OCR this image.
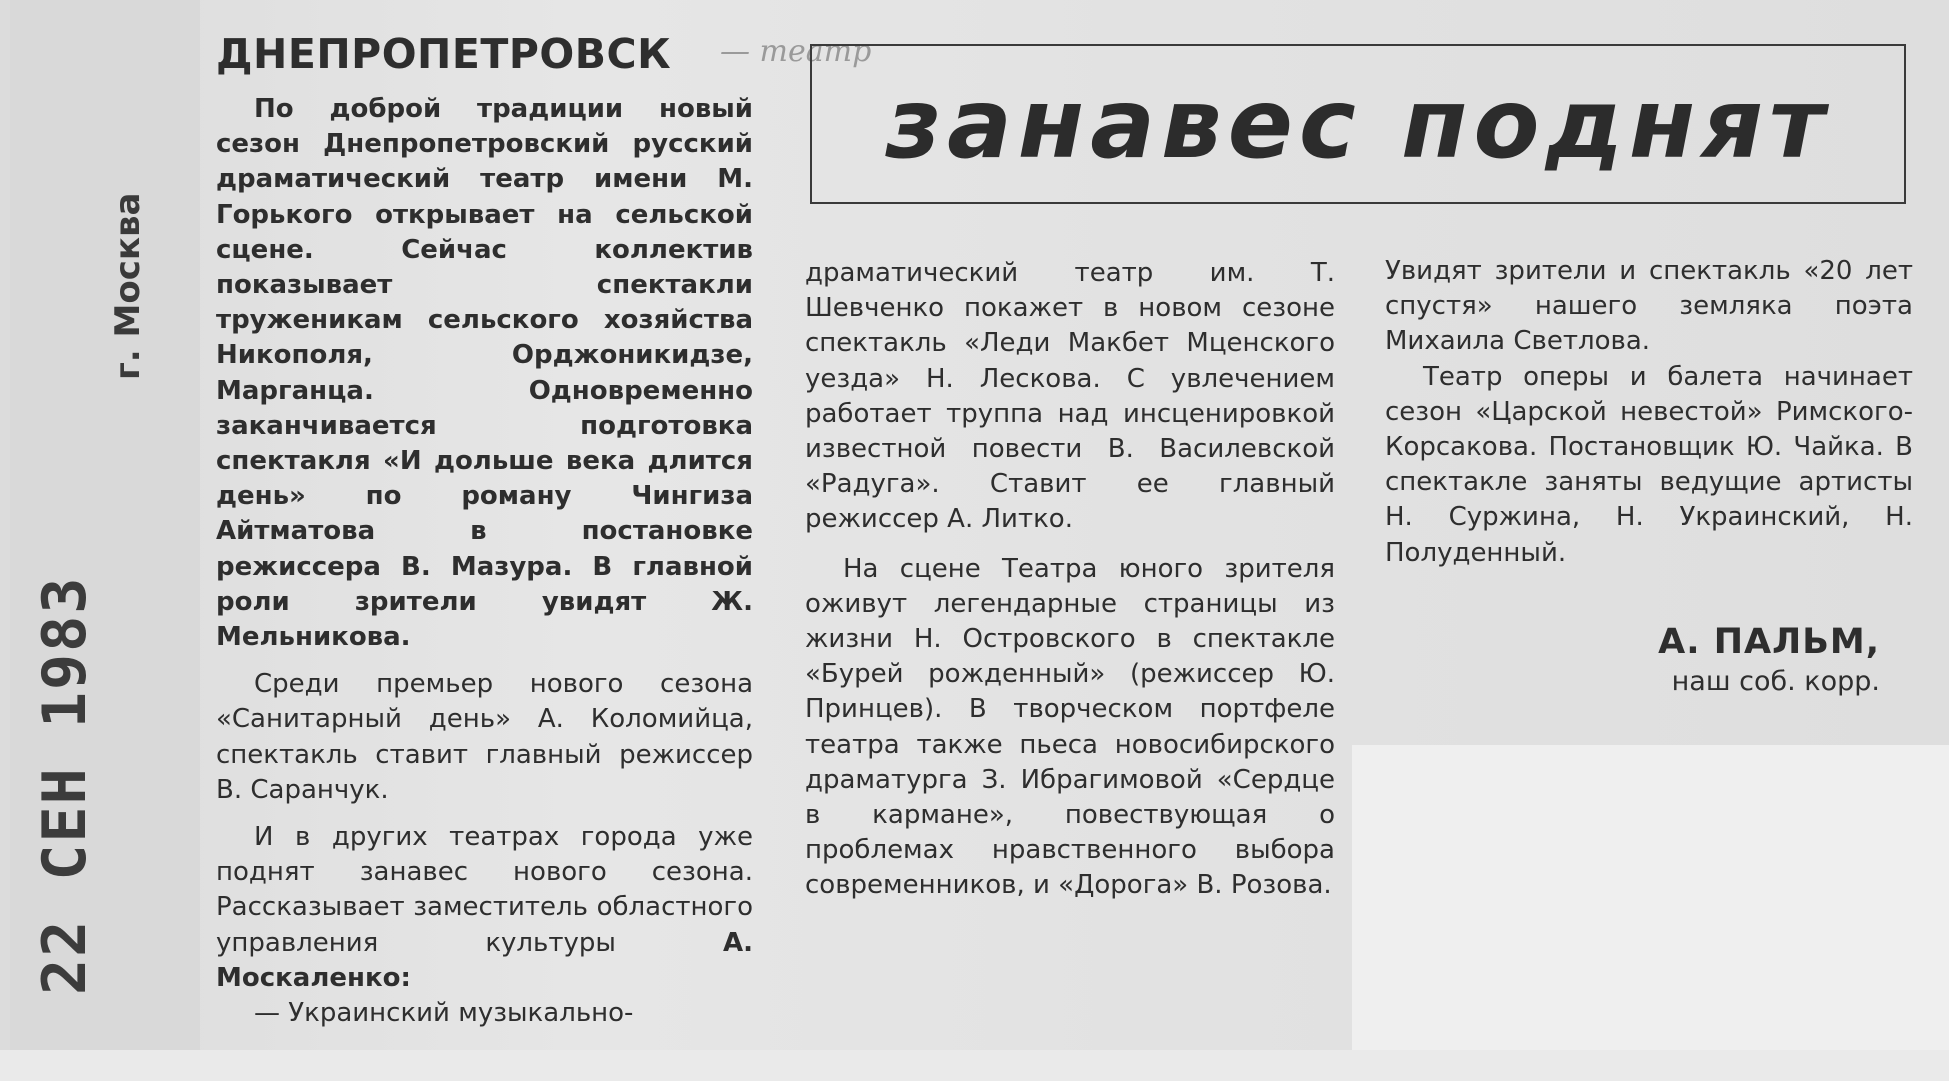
г. Москва
22 СЕН 1983
ДНЕПРОПЕТРОВСК — театр
занавес поднят

По доброй традиции новый сезон Днепропетровский русский драматический театр имени М. Горького открывает на сельской сцене. Сейчас коллектив показывает спектакли труженикам сельского хозяйства Никополя, Орджоникидзе, Марганца. Одновременно заканчивается подготовка спектакля «И дольше века длится день» по роману Чингиза Айтматова в постановке режиссера В. Мазура. В главной роли зрители увидят Ж. Мельникова.

Среди премьер нового сезона «Санитарный день» А. Коломийца, спектакль ставит главный режиссер В. Саранчук.

И в других театрах города уже поднят занавес нового сезона. Рассказывает заместитель областного управления культуры	А. Москаленко:

— Украинский музыкально-

драматический театр им. Т. Шевченко покажет в новом сезоне спектакль «Леди Макбет Мценского уезда» Н. Лескова. С увлечением работает труппа над инсценировкой известной повести В. Василевской «Радуга». Ставит ее главный режиссер А. Литко.

На сцене Театра юного зрителя оживут легендарные страницы из жизни Н. Островского в спектакле «Бурей рожденный» (режиссер Ю. Принцев). В творческом портфеле театра также пьеса новосибирского драматурга З. Ибрагимовой «Сердце в кармане», повествующая о проблемах нравственного выбора современников, и «Дорога» В. Розова.

Увидят зрители и спектакль «20 лет спустя» нашего земляка поэта Михаила Светлова.

Театр оперы и балета начинает сезон «Царской невестой» Римского-Корсакова. Постановщик Ю. Чайка. В спектакле заняты ведущие артисты Н. Суржина, Н. Украинский, Н. Полуденный.

А. ПАЛЬМ,
наш соб. корр.
